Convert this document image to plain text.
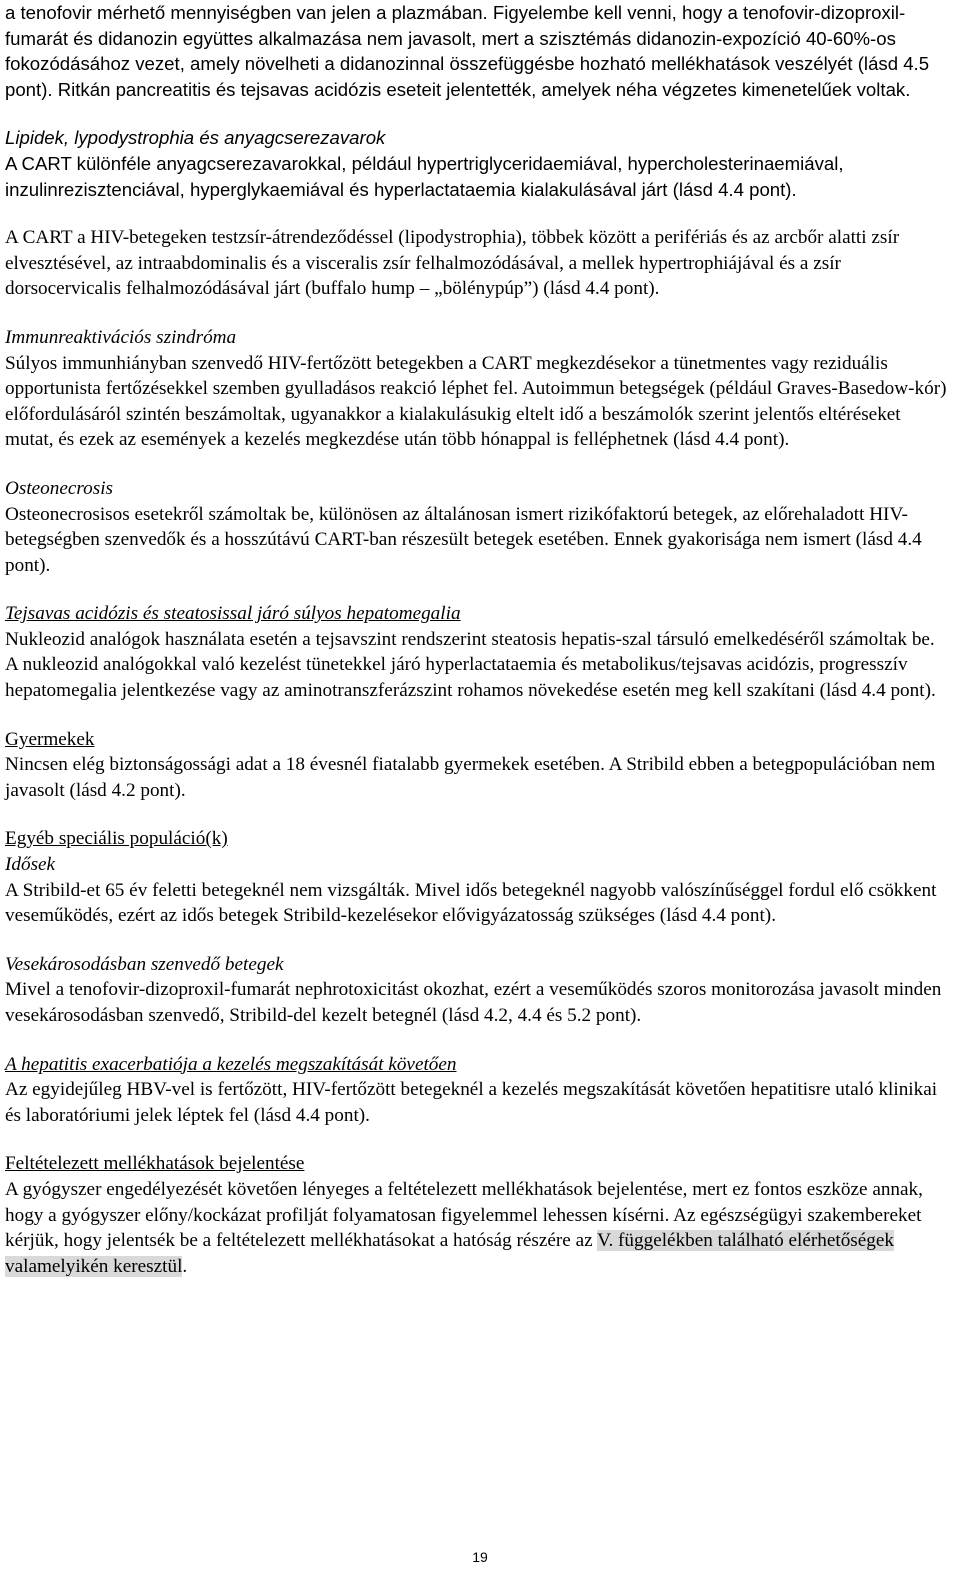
a tenofovir mérhető mennyiségben van jelen a plazmában. Figyelembe kell venni, hogy a tenofovir-dizoproxil-fumarát és didanozin együttes alkalmazása nem javasolt, mert a szisztémás didanozin-expozíció 40-60%-os fokozódásához vezet, amely növelheti a didanozinnal összefüggésbe hozható mellékhatások veszélyét (lásd 4.5 pont). Ritkán pancreatitis és tejsavas acidózis eseteit jelentették, amelyek néha végzetes kimenetelűek voltak.

Lipidek, lypodystrophia és anyagcserezavarok

A CART különféle anyagcserezavarokkal, például hypertriglyceridaemiával, hypercholesterinaemiával, inzulinrezisztenciával, hyperglykaemiával és hyperlactataemia kialakulásával járt (lásd 4.4 pont).

A CART a HIV-betegeken testzsír-átrendeződéssel (lipodystrophia), többek között a perifériás és az arcbőr alatti zsír elvesztésével, az intraabdominalis és a visceralis zsír felhalmozódásával, a mellek hypertrophiájával és a zsír dorsocervicalis felhalmozódásával járt (buffalo hump – „bölénypúp”) (lásd 4.4 pont).

Immunreaktivációs szindróma

Súlyos immunhiányban szenvedő HIV-fertőzött betegekben a CART megkezdésekor a tünetmentes vagy reziduális opportunista fertőzésekkel szemben gyulladásos reakció léphet fel. Autoimmun betegségek (például Graves-Basedow-kór) előfordulásáról szintén beszámoltak, ugyanakkor a kialakulásukig eltelt idő a beszámolók szerint jelentős eltéréseket mutat, és ezek az események a kezelés megkezdése után több hónappal is felléphetnek (lásd 4.4 pont).

Osteonecrosis

Osteonecrosisos esetekről számoltak be, különösen az általánosan ismert rizikófaktorú betegek, az előrehaladott HIV-betegségben szenvedők és a hosszútávú CART-ban részesült betegek esetében. Ennek gyakorisága nem ismert (lásd 4.4 pont).

Tejsavas acidózis és steatosissal járó súlyos hepatomegalia

Nukleozid analógok használata esetén a tejsavszint rendszerint steatosis hepatis-szal társuló emelkedéséről számoltak be. A nukleozid analógokkal való kezelést tünetekkel járó hyperlactataemia és metabolikus/tejsavas acidózis, progresszív hepatomegalia jelentkezése vagy az aminotranszferázszint rohamos növekedése esetén meg kell szakítani (lásd 4.4 pont).

Gyermekek

Nincsen elég biztonságossági adat a 18 évesnél fiatalabb gyermekek esetében. A Stribild ebben a betegpopulációban nem javasolt (lásd 4.2 pont).

Egyéb speciális populáció(k)
Idősek

A Stribild-et 65 év feletti betegeknél nem vizsgálták. Mivel idős betegeknél nagyobb valószínűséggel fordul elő csökkent veseműködés, ezért az idős betegek Stribild-kezelésekor elővigyázatosság szükséges (lásd 4.4 pont).

Vesekárosodásban szenvedő betegek

Mivel a tenofovir-dizoproxil-fumarát nephrotoxicitást okozhat, ezért a veseműködés szoros monitorozása javasolt minden vesekárosodásban szenvedő, Stribild-del kezelt betegnél (lásd 4.2, 4.4 és 5.2 pont).

A hepatitis exacerbatiója a kezelés megszakítását követően

Az egyidejűleg HBV-vel is fertőzött, HIV-fertőzött betegeknél a kezelés megszakítását követően hepatitisre utaló klinikai és laboratóriumi jelek léptek fel (lásd 4.4 pont).

Feltételezett mellékhatások bejelentése

A gyógyszer engedélyezését követően lényeges a feltételezett mellékhatások bejelentése, mert ez fontos eszköze annak, hogy a gyógyszer előny/kockázat profilját folyamatosan figyelemmel lehessen kísérni. Az egészségügyi szakembereket kérjük, hogy jelentsék be a feltételezett mellékhatásokat a hatóság részére az V. függelékben található elérhetőségek valamelyikén keresztül.

19
